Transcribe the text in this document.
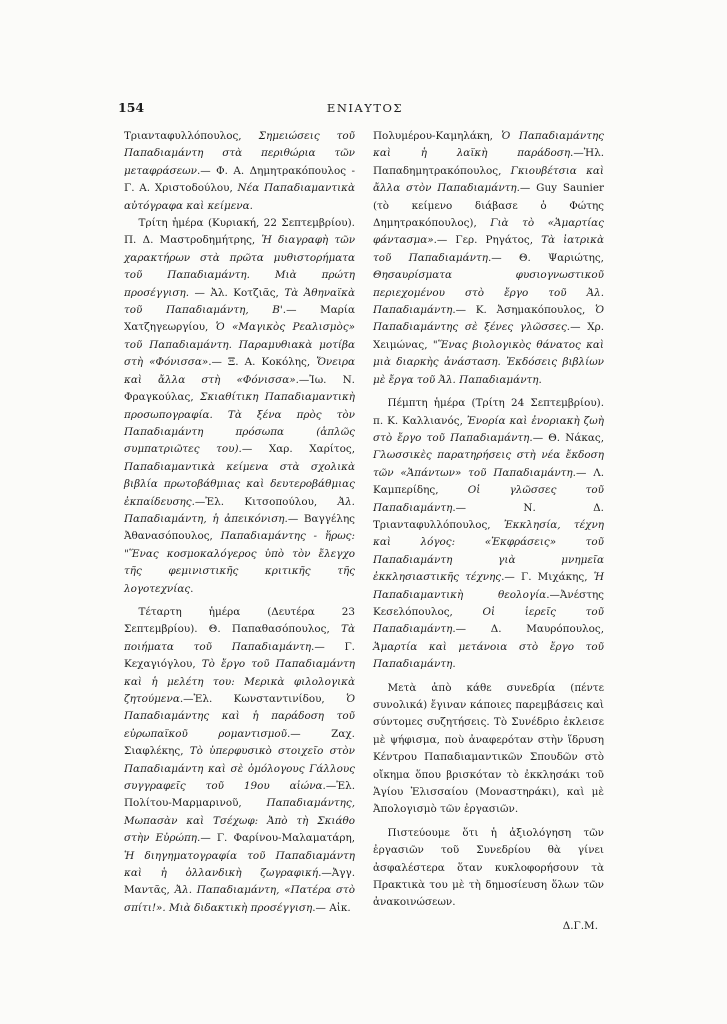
154	ΕΝΙΑΥΤΟΣ

Τριανταφυλλόπουλος, Σημειώσεις τοῦ Παπαδιαμάντη στὰ περιθώρια τῶν μεταφράσεων.— Φ. Α. Δημητρακόπουλος - Γ. Α. Χριστοδούλου, Νέα Παπαδιαμαντικὰ αὐτόγραφα καὶ κείμενα.

Τρίτη ἡμέρα (Κυριακή, 22 Σεπτεμβρίου). Π. Δ. Μαστροδημήτρης, Ἡ διαγραφὴ τῶν χαρακτήρων στὰ πρῶτα μυθιστορήματα τοῦ Παπαδιαμάντη. Μιὰ πρώτη προσέγγιση. — Ἀλ. Κοτζιᾶς, Τὰ Ἀθηναϊκὰ τοῦ Παπαδιαμάντη, Β'.— Μαρία Χατζηγεωργίου, Ὁ «Μαγικὸς Ρεαλισμὸς» τοῦ Παπαδιαμάντη. Παραμυθιακὰ μοτίβα στὴ «Φόνισσα».— Ξ. Α. Κοκόλης, Ὄνειρα καὶ ἄλλα στὴ «Φόνισσα».—Ἰω. Ν. Φραγκούλας, Σκιαθίτικη Παπαδιαμαντικὴ προσωπογραφία. Τὰ ξένα πρὸς τὸν Παπαδιαμάντη πρόσωπα (ἁπλῶς συμπατριῶτες του).— Χαρ. Χαρίτος, Παπαδιαμαντικὰ κείμενα στὰ σχολικὰ βιβλία πρωτοβάθμιας καὶ δευτεροβάθμιας ἐκπαίδευσης.—Ἐλ. Κιτσοπούλου, Ἀλ. Παπαδιαμάντη, ἡ ἀπεικόνιση.— Βαγγέλης Ἀθανασόπουλος, Παπαδιαμάντης - ἥρως: "Ἕνας κοσμοκαλόγερος ὑπὸ τὸν ἔλεγχο τῆς φεμινιστικῆς κριτικῆς τῆς λογοτεχνίας.

Τέταρτη ἡμέρα (Δευτέρα 23 Σεπτεμβρίου). Θ. Παπαθασόπουλος, Τὰ ποιήματα τοῦ Παπαδιαμάντη.— Γ. Κεχαγιόγλου, Τὸ ἔργο τοῦ Παπαδιαμάντη καὶ ἡ μελέτη του: Μερικὰ φιλολογικὰ ζητούμενα.—Ἐλ. Κωνσταντινίδου, Ὁ Παπαδιαμάντης καὶ ἡ παράδοση τοῦ εὐρωπαϊκοῦ ρομαντισμοῦ.— Ζαχ. Σιαφλέκης, Τὸ ὑπερφυσικὸ στοιχεῖο στὸν Παπαδιαμάντη καὶ σὲ ὁμόλογους Γάλλους συγγραφεῖς τοῦ 19ου αἰώνα.—Ἐλ. Πολίτου-Μαρμαρινοῦ, Παπαδιαμάντης, Μωπασὰν καὶ Τσέχωφ: Ἀπὸ τὴ Σκιάθο στὴν Εὐρώπη.— Γ. Φαρίνου-Μαλαματάρη, Ἡ διηγηματογραφία τοῦ Παπαδιαμάντη καὶ ἡ ὀλλανδικὴ ζωγραφική.—Ἀγγ. Μαντᾶς, Ἀλ. Παπαδιαμάντη, «Πατέρα στὸ σπίτι!». Μιὰ διδακτικὴ προσέγγιση.— Αἰκ.

Πολυμέρου-Καμηλάκη, Ὁ Παπαδιαμάντης καὶ ἡ λαϊκὴ παράδοση.—Ἠλ. Παπαδημητρακόπουλος, Γκιουβέτσια καὶ ἄλλα στὸν Παπαδιαμάντη.— Guy Saunier (τὸ κείμενο διάβασε ὁ Φώτης Δημητρακόπουλος), Γιὰ τὸ «Ἁμαρτίας φάντασμα».— Γερ. Ρηγάτος, Τὰ ἰατρικὰ τοῦ Παπαδιαμάντη.— Θ. Ψαριώτης, Θησαυρίσματα φυσιογνωστικοῦ περιεχομένου στὸ ἔργο τοῦ Ἀλ. Παπαδιαμάντη.— Κ. Ἀσημακόπουλος, Ὁ Παπαδιαμάντης σὲ ξένες γλῶσσες.— Χρ. Χειμώνας, "Ἕνας βιολογικὸς θάνατος καὶ μιὰ διαρκὴς ἀνάσταση. Ἐκδόσεις βιβλίων μὲ ἔργα τοῦ Ἀλ. Παπαδιαμάντη.

Πέμπτη ἡμέρα (Τρίτη 24 Σεπτεμβρίου). π. Κ. Καλλιανός, Ἐνορία καὶ ἐνοριακὴ ζωὴ στὸ ἔργο τοῦ Παπαδιαμάντη.— Θ. Νάκας, Γλωσσικὲς παρατηρήσεις στὴ νέα ἔκδοση τῶν «Ἁπάντων» τοῦ Παπαδιαμάντη.— Λ. Καμπερίδης, Οἱ γλῶσσες τοῦ Παπαδιαμάντη.— Ν. Δ. Τριανταφυλλόπουλος, Ἐκκλησία, τέχνη καὶ λόγος: «Ἐκφράσεις» τοῦ Παπαδιαμάντη γιὰ μνημεῖα ἐκκλησιαστικῆς τέχνης.— Γ. Μιχάκης, Ἡ Παπαδιαμαντικὴ θεολογία.—Ἀνέστης Κεσελόπουλος, Οἱ ἱερεῖς τοῦ Παπαδιαμάντη.— Δ. Μαυρόπουλος, Ἁμαρτία καὶ μετάνοια στὸ ἔργο τοῦ Παπαδιαμάντη.

Μετὰ ἀπὸ κάθε συνεδρία (πέντε συνολικά) ἔγιναν κάποιες παρεμβάσεις καὶ σύντομες συζητήσεις. Τὸ Συνέδριο ἐκλεισε μὲ ψήφισμα, ποὺ ἀναφερόταν στὴν ἵδρυση Κέντρου Παπαδιαμαντικῶν Σπουδῶν στὸ οἴκημα ὅπου βρισκόταν τὸ ἐκκλησάκι τοῦ Ἁγίου Ἐλισσαίου (Μοναστηράκι), καὶ μὲ Ἀπολογισμὸ τῶν ἐργασιῶν.

Πιστεύουμε ὅτι ἡ ἀξιολόγηση τῶν ἐργασιῶν τοῦ Συνεδρίου θὰ γίνει ἀσφαλέστερα ὅταν κυκλοφορήσουν τὰ Πρακτικὰ του μὲ τὴ δημοσίευση ὅλων τῶν ἀνακοινώσεων.

Δ.Γ.Μ.
